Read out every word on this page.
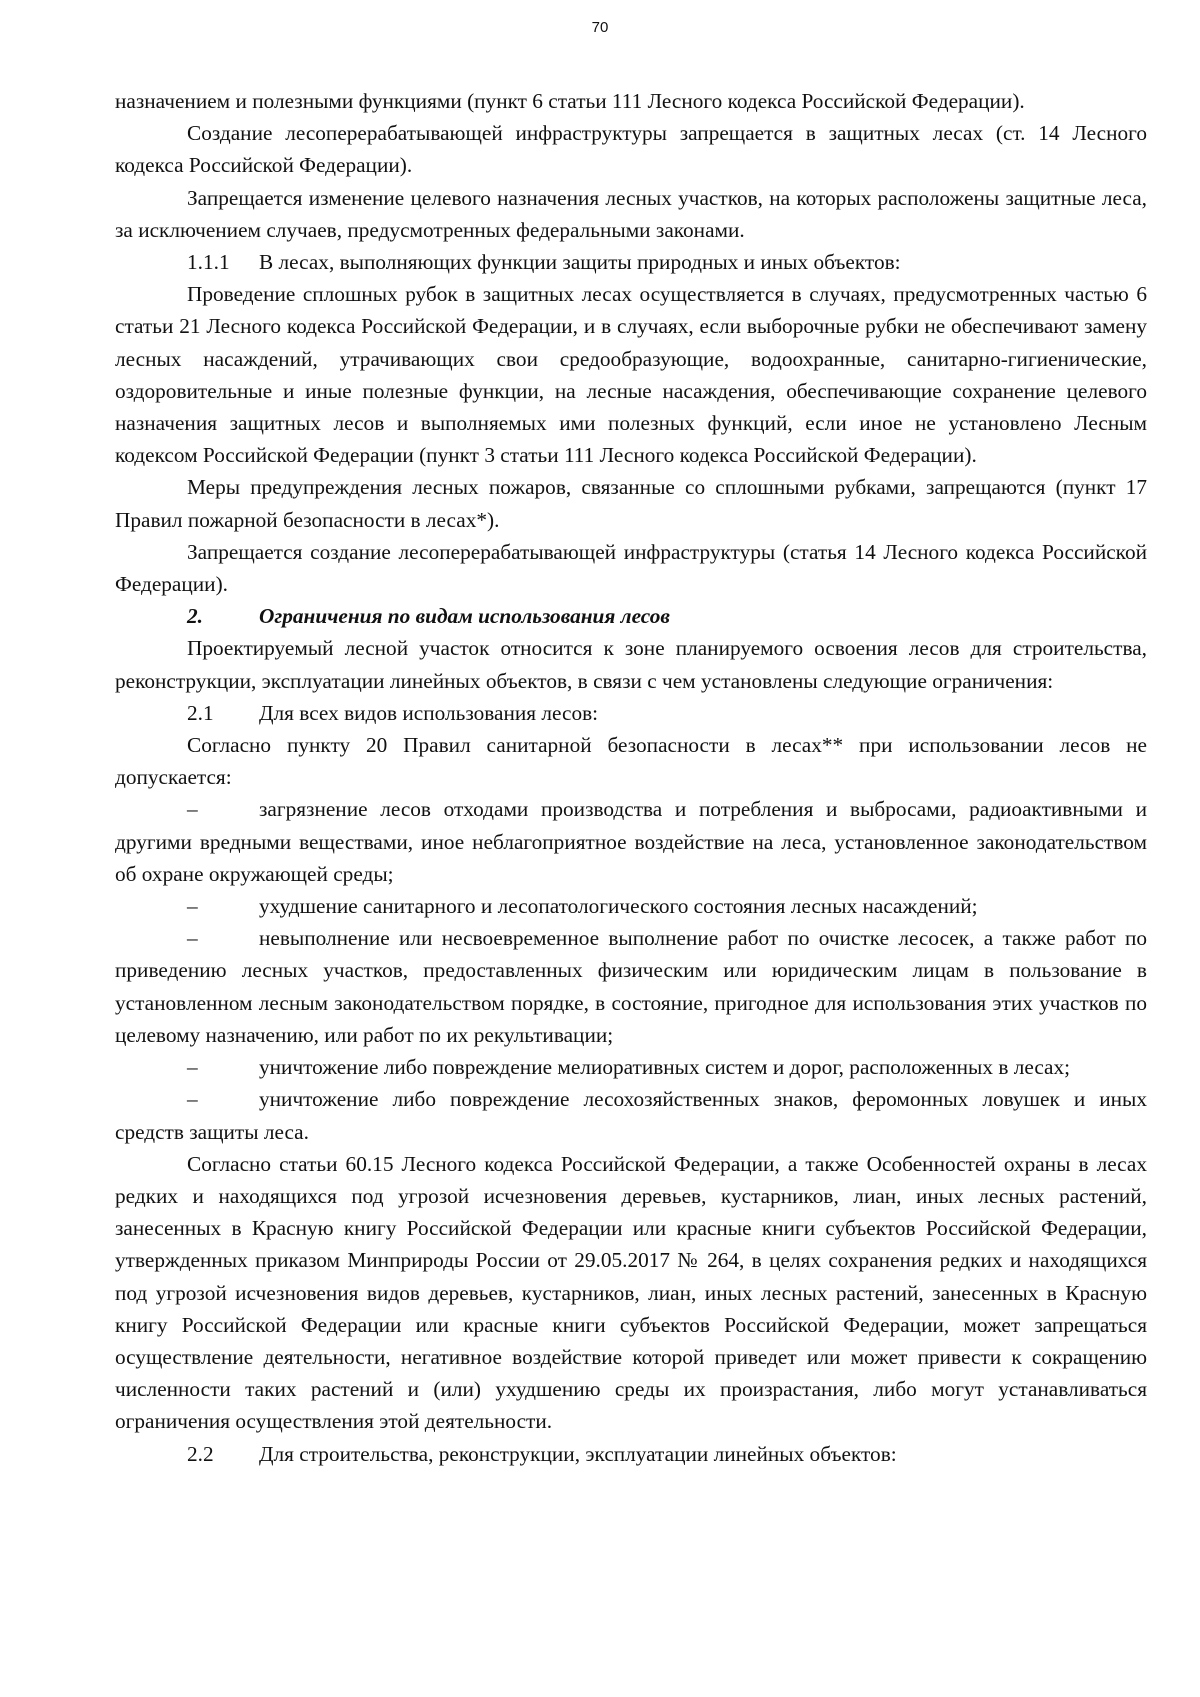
70

назначением и полезными функциями (пункт 6 статьи 111 Лесного кодекса Российской Федерации).

Создание лесоперерабатывающей инфраструктуры запрещается в защитных лесах (ст. 14 Лесного кодекса Российской Федерации).

Запрещается изменение целевого назначения лесных участков, на которых расположены защитные леса, за исключением случаев, предусмотренных федеральными законами.

1.1.1 В лесах, выполняющих функции защиты природных и иных объектов:

Проведение сплошных рубок в защитных лесах осуществляется в случаях, предусмотренных частью 6 статьи 21 Лесного кодекса Российской Федерации, и в случаях, если выборочные рубки не обеспечивают замену лесных насаждений, утрачивающих свои средообразующие, водоохранные, санитарно-гигиенические, оздоровительные и иные полезные функции, на лесные насаждения, обеспечивающие сохранение целевого назначения защитных лесов и выполняемых ими полезных функций, если иное не установлено Лесным кодексом Российской Федерации (пункт 3 статьи 111 Лесного кодекса Российской Федерации).

Меры предупреждения лесных пожаров, связанные со сплошными рубками, запрещаются (пункт 17 Правил пожарной безопасности в лесах*).

Запрещается создание лесоперерабатывающей инфраструктуры (статья 14 Лесного кодекса Российской Федерации).

2.	Ограничения по видам использования лесов

Проектируемый лесной участок относится к зоне планируемого освоения лесов для строительства, реконструкции, эксплуатации линейных объектов, в связи с чем установлены следующие ограничения:

2.1 Для всех видов использования лесов:

Согласно пункту 20 Правил санитарной безопасности в лесах** при использовании лесов не допускается:

–	загрязнение лесов отходами производства и потребления и выбросами, радиоактивными и другими вредными веществами, иное неблагоприятное воздействие на леса, установленное законодательством об охране окружающей среды;

–	ухудшение санитарного и лесопатологического состояния лесных насаждений;

–	невыполнение или несвоевременное выполнение работ по очистке лесосек, а также работ по приведению лесных участков, предоставленных физическим или юридическим лицам в пользование в установленном лесным законодательством порядке, в состояние, пригодное для использования этих участков по целевому назначению, или работ по их рекультивации;

–	уничтожение либо повреждение мелиоративных систем и дорог, расположенных в лесах;

–	уничтожение либо повреждение лесохозяйственных знаков, феромонных ловушек и иных средств защиты леса.

Согласно статьи 60.15 Лесного кодекса Российской Федерации, а также Особенностей охраны в лесах редких и находящихся под угрозой исчезновения деревьев, кустарников, лиан, иных лесных растений, занесенных в Красную книгу Российской Федерации или красные книги субъектов Российской Федерации, утвержденных приказом Минприроды России от 29.05.2017 № 264, в целях сохранения редких и находящихся под угрозой исчезновения видов деревьев, кустарников, лиан, иных лесных растений, занесенных в Красную книгу Российской Федерации или красные книги субъектов Российской Федерации, может запрещаться осуществление деятельности, негативное воздействие которой приведет или может привести к сокращению численности таких растений и (или) ухудшению среды их произрастания, либо могут устанавливаться ограничения осуществления этой деятельности.

2.2 Для строительства, реконструкции, эксплуатации линейных объектов:
